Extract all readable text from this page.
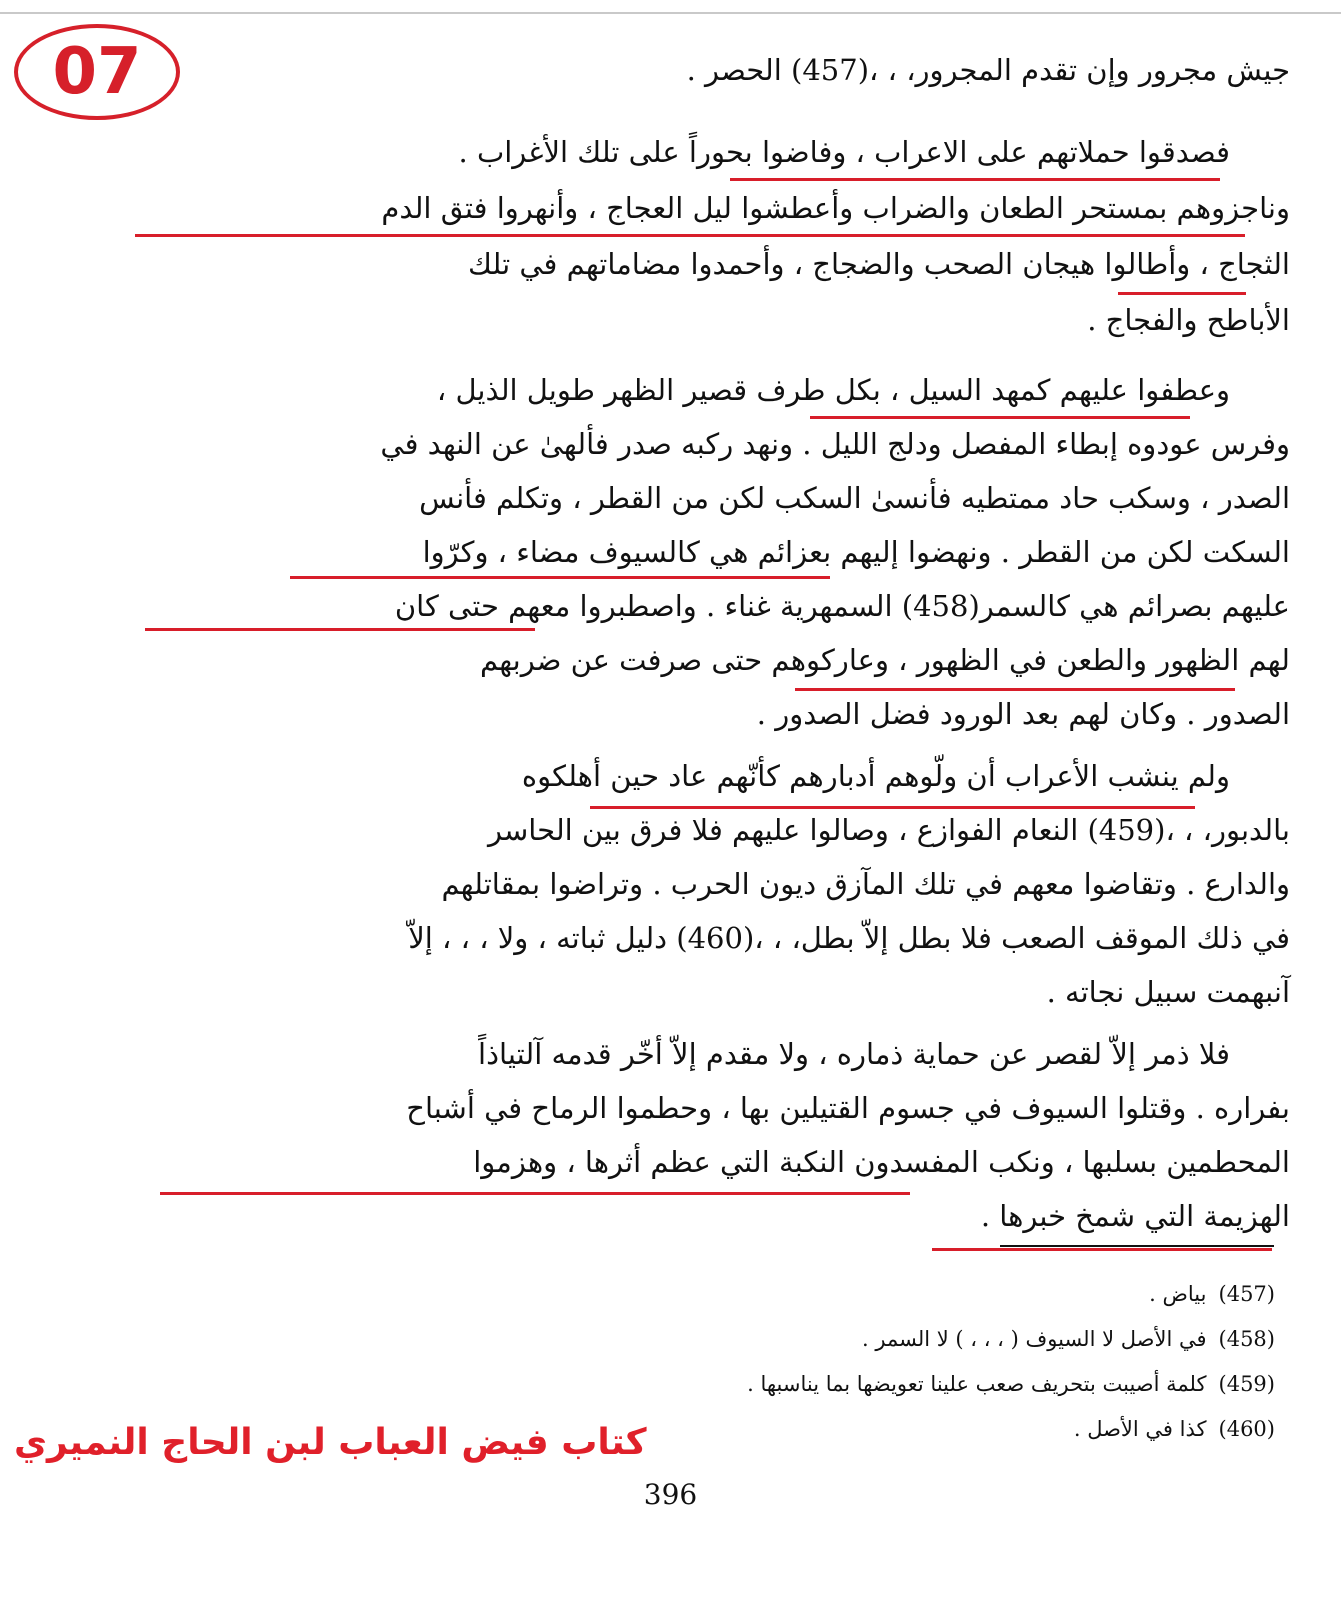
07	جيش مجرور وإن تقدم المجرور، ، ،(457) الحصر .
فصدقوا حملاتهم على الاعراب ، وفاضوا بحوراً على تلك الأغراب .
وناجزوهم بمستحر الطعان والضراب وأعطشوا ليل العجاج ، وأنهروا فتق الدم
الثجاج ، وأطالوا هيجان الصحب والضجاج ، وأحمدوا مضاماتهم في تلك
الأباطح والفجاج .
وعطفوا عليهم كمهد السيل ، بكل طرف قصير الظهر طويل الذيل ،
وفرس عودوه إبطاء المفصل ودلج الليل . ونهد ركبه صدر فألهىٰ عن النهد في
الصدر ، وسكب حاد ممتطيه فأنسىٰ السكب لكن من القطر ، وتكلم فأنس
السكت لكن من القطر . ونهضوا إليهم بعزائم هي كالسيوف مضاء ، وكرّوا
عليهم بصرائم هي كالسمر(458) السمهرية غناء . واصطبروا معهم حتى كان
لهم الظهور والطعن في الظهور ، وعاركوهم حتى صرفت عن ضربهم
الصدور . وكان لهم بعد الورود فضل الصدور .
ولم ينشب الأعراب أن ولّوهم أدبارهم كأنّهم عاد حين أهلكوه
بالدبور، ، ،(459) النعام الفوازع ، وصالوا عليهم فلا فرق بين الحاسر
والدارع . وتقاضوا معهم في تلك المآزق ديون الحرب . وتراضوا بمقاتلهم
في ذلك الموقف الصعب فلا بطل إلاّ بطل، ، ،(460) دليل ثباته ، ولا ، ، ، إلاّ
آنبهمت سبيل نجاته .
فلا ذمر إلاّ لقصر عن حماية ذماره ، ولا مقدم إلاّ أخّر قدمه آلتياذاً
بفراره . وقتلوا السيوف في جسوم القتيلين بها ، وحطموا الرماح في أشباح
المحطمين بسلبها ، ونكب المفسدون النكبة التي عظم أثرها ، وهزموا
الهزيمة التي شمخ خبرها .
(457)بياض .
(458)في الأصل لا السيوف ( ، ، ، ) لا السمر .
(459)كلمة أصيبت بتحريف صعب علينا تعويضها بما يناسبها .
(460)كذا في الأصل .
كتاب فيض العباب لبن الحاج النميري
396
